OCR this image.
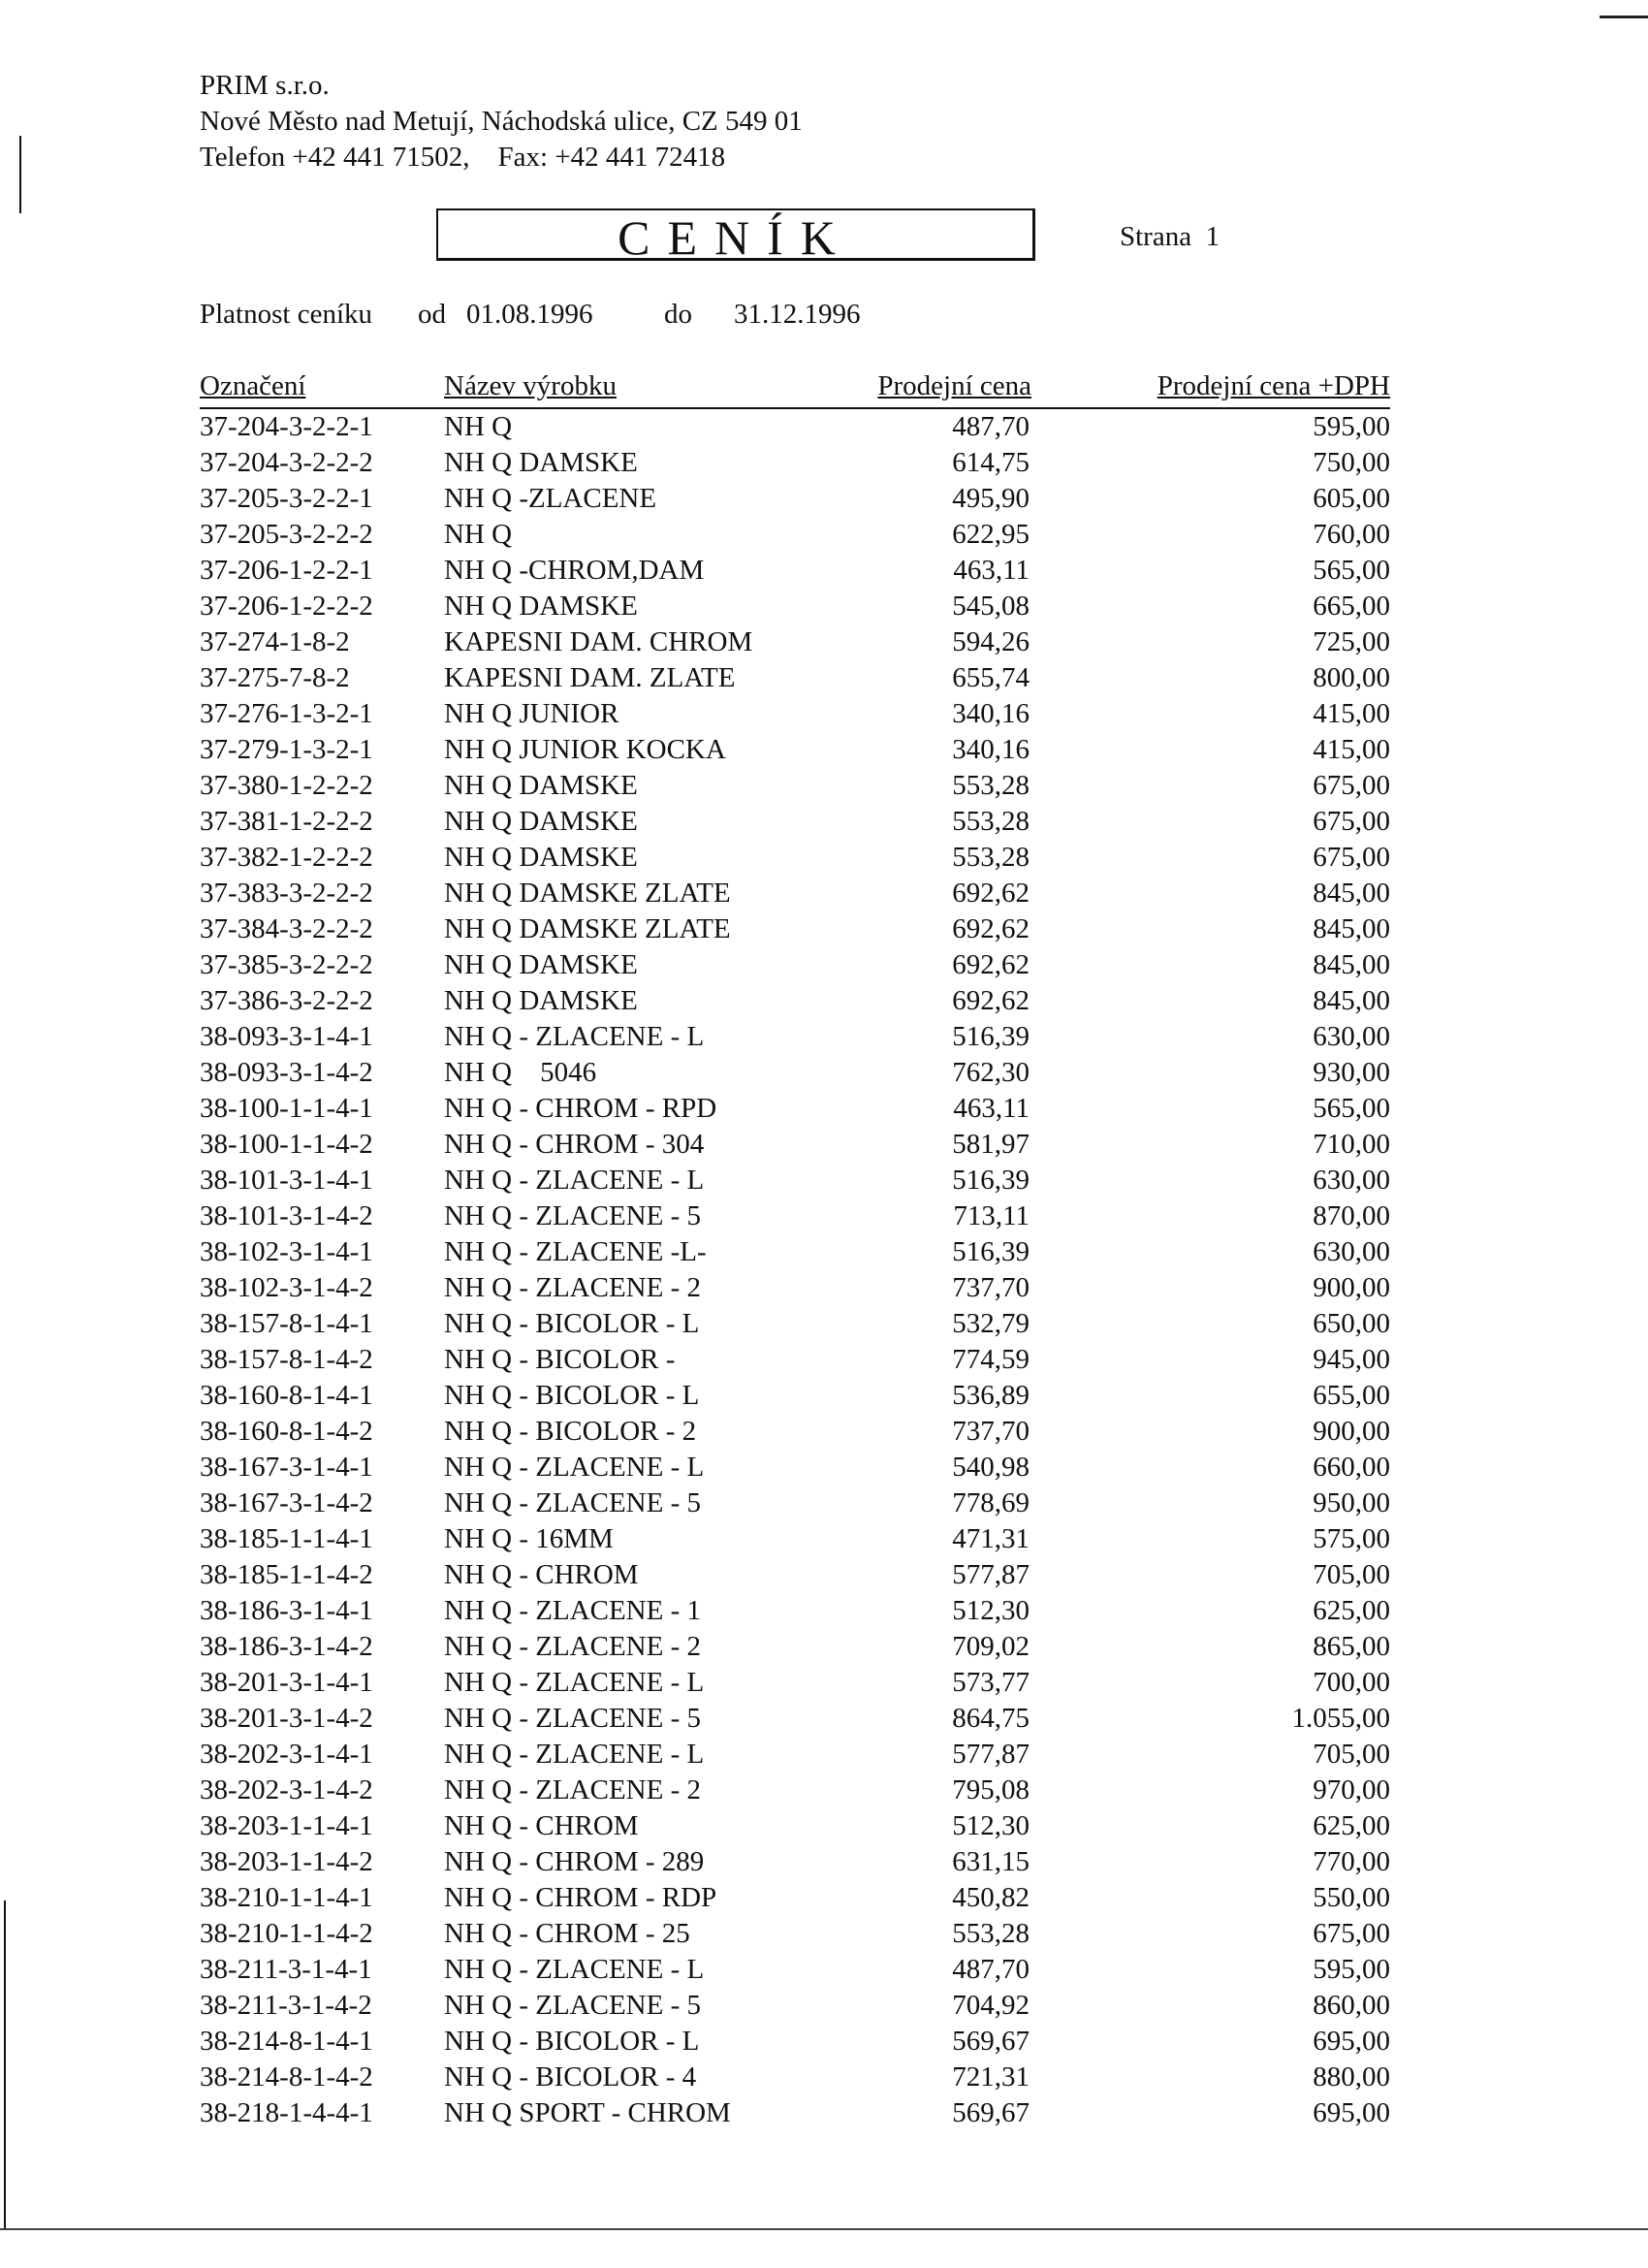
PRIM s.r.o.
Nové Město nad Metují, Náchodská ulice, CZ 549 01
Telefon +42 441 71502,    Fax: +42 441 72418
CENÍK	Strana  1
Platnost ceníku od 01.08.1996	do 31.12.1996
Označení	Název výrobku	Prodejní cena	Prodejní cena +DPH
37-204-3-2-2-1	NH Q	487,70	595,00
37-204-3-2-2-2	NH Q DAMSKE	614,75	750,00
37-205-3-2-2-1	NH Q -ZLACENE	495,90	605,00
37-205-3-2-2-2	NH Q	622,95	760,00
37-206-1-2-2-1	NH Q -CHROM,DAM	463,11	565,00
37-206-1-2-2-2	NH Q DAMSKE	545,08	665,00
37-274-1-8-2	KAPESNI DAM. CHROM	594,26	725,00
37-275-7-8-2	KAPESNI DAM. ZLATE	655,74	800,00
37-276-1-3-2-1	NH Q JUNIOR	340,16	415,00
37-279-1-3-2-1	NH Q JUNIOR KOCKA	340,16	415,00
37-380-1-2-2-2	NH Q DAMSKE	553,28	675,00
37-381-1-2-2-2	NH Q DAMSKE	553,28	675,00
37-382-1-2-2-2	NH Q DAMSKE	553,28	675,00
37-383-3-2-2-2	NH Q DAMSKE ZLATE	692,62	845,00
37-384-3-2-2-2	NH Q DAMSKE ZLATE	692,62	845,00
37-385-3-2-2-2	NH Q DAMSKE	692,62	845,00
37-386-3-2-2-2	NH Q DAMSKE	692,62	845,00
38-093-3-1-4-1	NH Q - ZLACENE - L	516,39	630,00
38-093-3-1-4-2	NH Q    5046	762,30	930,00
38-100-1-1-4-1	NH Q - CHROM - RPD	463,11	565,00
38-100-1-1-4-2	NH Q - CHROM - 304	581,97	710,00
38-101-3-1-4-1	NH Q - ZLACENE - L	516,39	630,00
38-101-3-1-4-2	NH Q - ZLACENE - 5	713,11	870,00
38-102-3-1-4-1	NH Q - ZLACENE -L-	516,39	630,00
38-102-3-1-4-2	NH Q - ZLACENE - 2	737,70	900,00
38-157-8-1-4-1	NH Q - BICOLOR - L	532,79	650,00
38-157-8-1-4-2	NH Q - BICOLOR -	774,59	945,00
38-160-8-1-4-1	NH Q - BICOLOR - L	536,89	655,00
38-160-8-1-4-2	NH Q - BICOLOR - 2	737,70	900,00
38-167-3-1-4-1	NH Q - ZLACENE - L	540,98	660,00
38-167-3-1-4-2	NH Q - ZLACENE - 5	778,69	950,00
38-185-1-1-4-1	NH Q - 16MM	471,31	575,00
38-185-1-1-4-2	NH Q - CHROM	577,87	705,00
38-186-3-1-4-1	NH Q - ZLACENE - 1	512,30	625,00
38-186-3-1-4-2	NH Q - ZLACENE - 2	709,02	865,00
38-201-3-1-4-1	NH Q - ZLACENE - L	573,77	700,00
38-201-3-1-4-2	NH Q - ZLACENE - 5	864,75	1.055,00
38-202-3-1-4-1	NH Q - ZLACENE - L	577,87	705,00
38-202-3-1-4-2	NH Q - ZLACENE - 2	795,08	970,00
38-203-1-1-4-1	NH Q - CHROM	512,30	625,00
38-203-1-1-4-2	NH Q - CHROM - 289	631,15	770,00
38-210-1-1-4-1	NH Q - CHROM - RDP	450,82	550,00
38-210-1-1-4-2	NH Q - CHROM - 25	553,28	675,00
38-211-3-1-4-1	NH Q - ZLACENE - L	487,70	595,00
38-211-3-1-4-2	NH Q - ZLACENE - 5	704,92	860,00
38-214-8-1-4-1	NH Q - BICOLOR - L	569,67	695,00
38-214-8-1-4-2	NH Q - BICOLOR - 4	721,31	880,00
38-218-1-4-4-1	NH Q SPORT - CHROM	569,67	695,00
